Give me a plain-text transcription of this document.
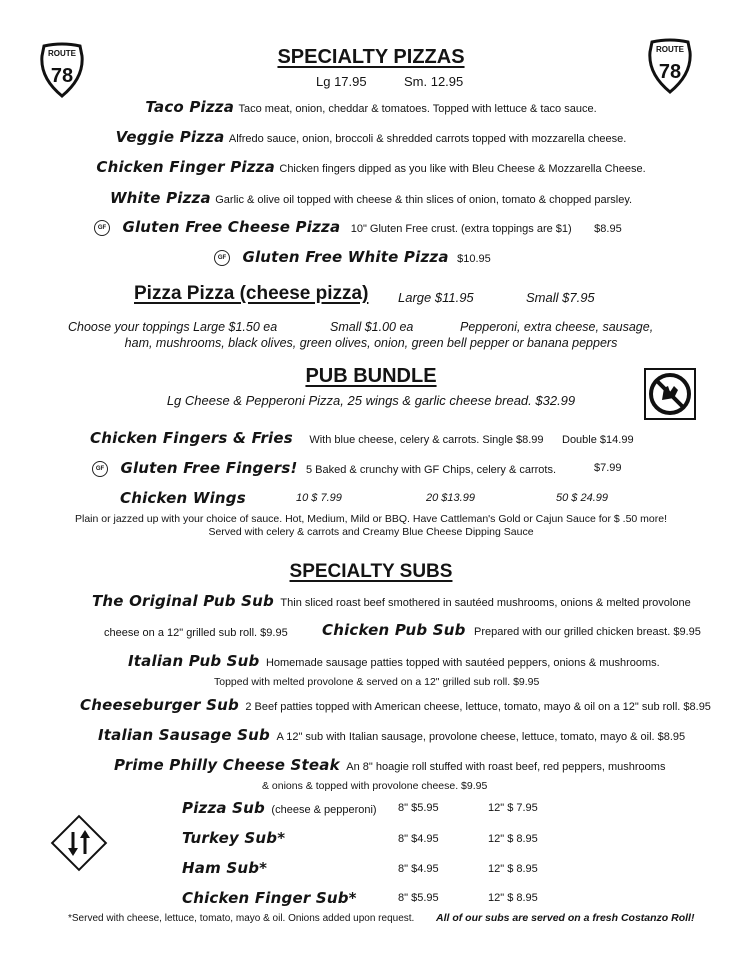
ROUTE
78
ROUTE
78
SPECIALTY PIZZAS
Lg 17.95	Sm. 12.95
Taco Pizza Taco meat, onion, cheddar & tomatoes. Topped with lettuce & taco sauce.
Veggie Pizza Alfredo sauce, onion, broccoli & shredded carrots topped with mozzarella cheese.
Chicken Finger Pizza Chicken fingers dipped as you like with Bleu Cheese & Mozzarella Cheese.
White Pizza Garlic & olive oil topped with cheese & thin slices of onion, tomato & chopped parsley.
GF Gluten Free Cheese Pizza 10" Gluten Free crust. (extra toppings are $1) $8.95
GF Gluten Free White Pizza $10.95
Pizza Pizza (cheese pizza) Large $11.95	Small $7.95
Choose your toppings Large $1.50 ea	Small $1.00 ea	Pepperoni, extra cheese, sausage,
ham, mushrooms, black olives, green olives, onion, green bell pepper or banana peppers
PUB BUNDLE
Lg Cheese & Pepperoni Pizza, 25 wings & garlic cheese bread. $32.99
Chicken Fingers & Fries With blue cheese, celery & carrots. Single $8.99 Double $14.99
GF Gluten Free Fingers! 5 Baked & crunchy with GF Chips, celery & carrots.	$7.99
Chicken Wings	10 $ 7.99	20 $13.99	50 $ 24.99
Plain or jazzed up with your choice of sauce. Hot, Medium, Mild or BBQ. Have Cattleman's Gold or Cajun Sauce for $ .50 more!
Served with celery & carrots and Creamy Blue Cheese Dipping Sauce
SPECIALTY SUBS
The Original Pub Sub Thin sliced roast beef smothered in sautéed mushrooms, onions & melted provolone
cheese on a 12" grilled sub roll. $9.95 Chicken Pub Sub Prepared with our grilled chicken breast. $9.95
Italian Pub Sub Homemade sausage patties topped with sautéed peppers, onions & mushrooms.
Topped with melted provolone & served on a 12" grilled sub roll. $9.95
Cheeseburger Sub 2 Beef patties topped with American cheese, lettuce, tomato, mayo & oil on a 12" sub roll. $8.95
Italian Sausage Sub A 12" sub with Italian sausage, provolone cheese, lettuce, tomato, mayo & oil. $8.95
Prime Philly Cheese Steak An 8" hoagie roll stuffed with roast beef, red peppers, mushrooms
& onions & topped with provolone cheese. $9.95
Pizza Sub (cheese & pepperoni) 8" $5.95	12" $ 7.95
Turkey Sub*	8" $4.95	12" $ 8.95
Ham Sub*	8" $4.95	12" $ 8.95
Chicken Finger Sub*	8" $5.95	12" $ 8.95
*Served with cheese, lettuce, tomato, mayo & oil. Onions added upon request. All of our subs are served on a fresh Costanzo Roll!
